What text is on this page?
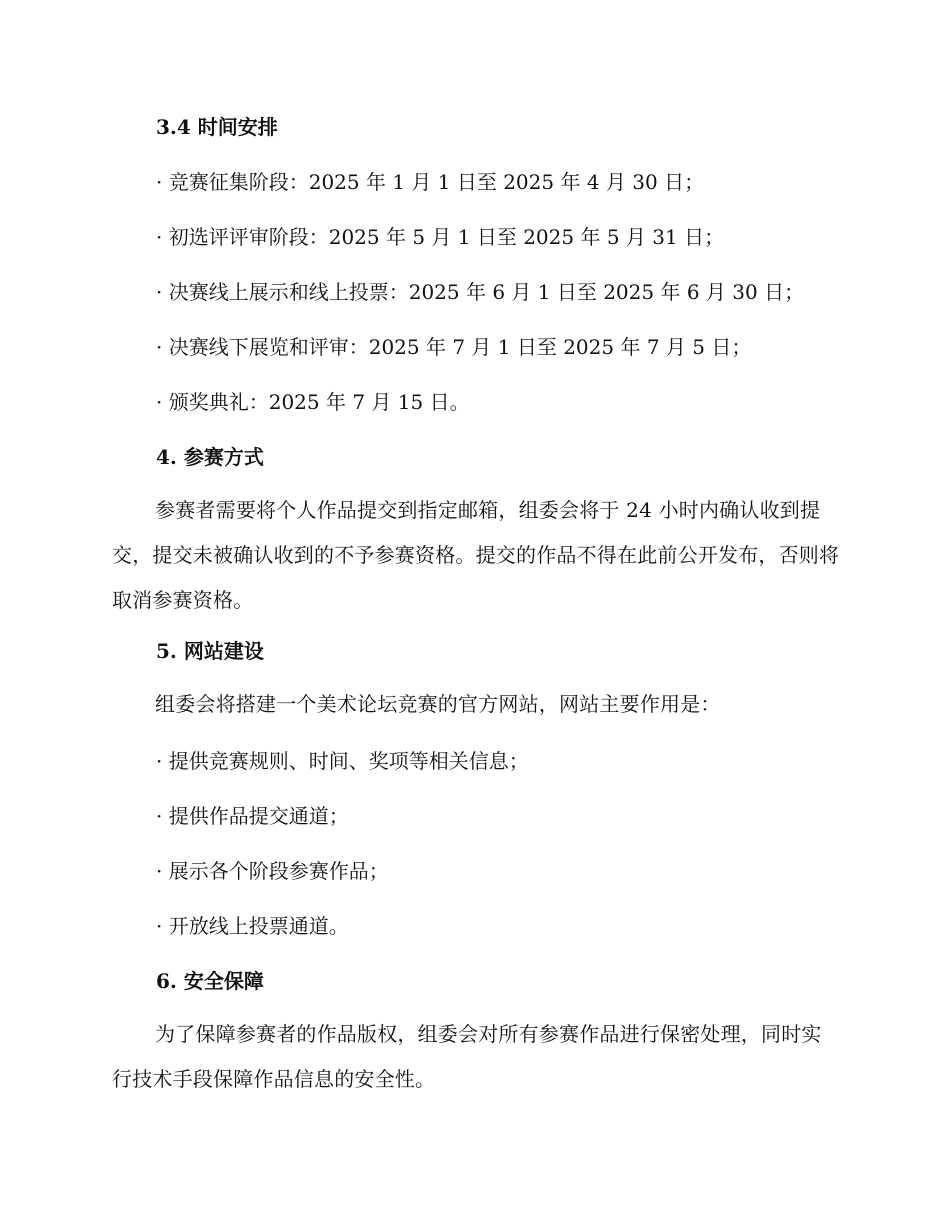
3.4 时间安排
· 竞赛征集阶段：2025 年 1 月 1 日至 2025 年 4 月 30 日；
· 初选评评审阶段：2025 年 5 月 1 日至 2025 年 5 月 31 日；
· 决赛线上展示和线上投票：2025 年 6 月 1 日至 2025 年 6 月 30 日；
· 决赛线下展览和评审：2025 年 7 月 1 日至 2025 年 7 月 5 日；
· 颁奖典礼：2025 年 7 月 15 日。
4. 参赛方式
参赛者需要将个人作品提交到指定邮箱，组委会将于 24 小时内确认收到提交，提交未被确认收到的不予参赛资格。提交的作品不得在此前公开发布，否则将取消参赛资格。
5. 网站建设
组委会将搭建一个美术论坛竞赛的官方网站，网站主要作用是：
· 提供竞赛规则、时间、奖项等相关信息；
· 提供作品提交通道；
· 展示各个阶段参赛作品；
· 开放线上投票通道。
6. 安全保障
为了保障参赛者的作品版权，组委会对所有参赛作品进行保密处理，同时实行技术手段保障作品信息的安全性。
